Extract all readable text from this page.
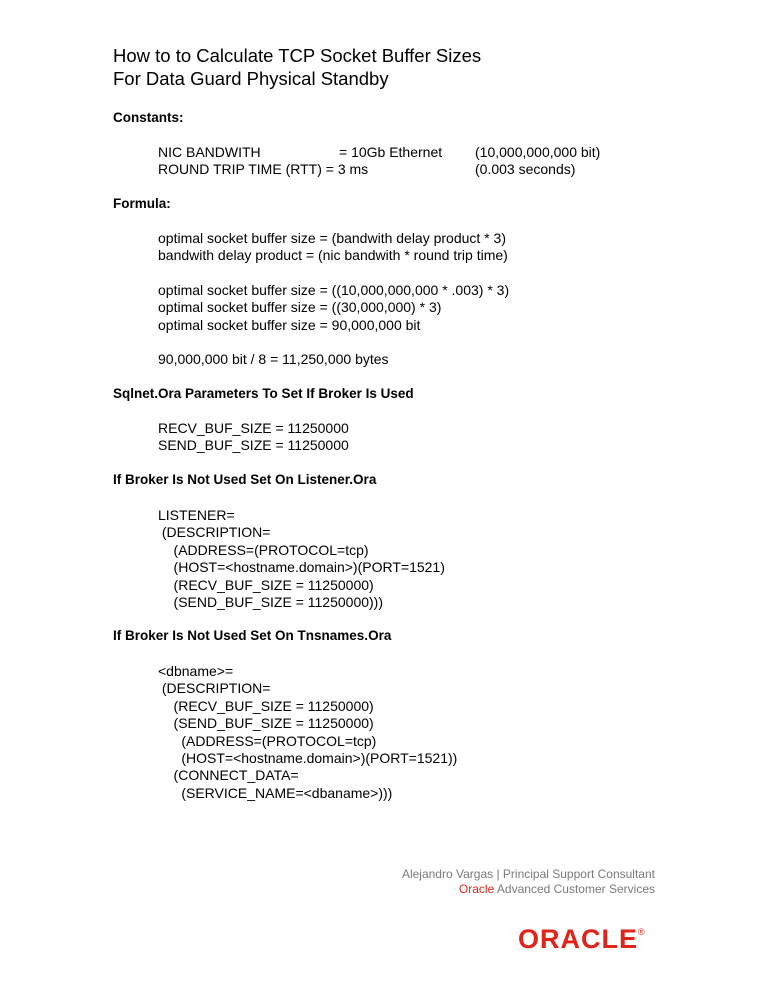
How to to Calculate TCP Socket Buffer Sizes
For Data Guard Physical Standby
Constants:
NIC BANDWITH	= 10Gb Ethernet (10,000,000,000 bit)
ROUND TRIP TIME (RTT) = 3 ms	(0.003 seconds)
Formula:
optimal socket buffer size = (bandwith delay product * 3)
bandwith delay product = (nic bandwith * round trip time)
optimal socket buffer size = ((10,000,000,000 * .003) * 3)
optimal socket buffer size = ((30,000,000) * 3)
optimal socket buffer size = 90,000,000 bit
90,000,000 bit / 8 = 11,250,000 bytes
Sqlnet.Ora Parameters To Set If Broker Is Used
RECV_BUF_SIZE = 11250000
SEND_BUF_SIZE = 11250000
If Broker Is Not Used Set On Listener.Ora
LISTENER=
(DESCRIPTION=
(ADDRESS=(PROTOCOL=tcp)
(HOST=<hostname.domain>)(PORT=1521)
(RECV_BUF_SIZE = 11250000)
(SEND_BUF_SIZE = 11250000)))
If Broker Is Not Used Set On Tnsnames.Ora
<dbname>=
(DESCRIPTION=
(RECV_BUF_SIZE = 11250000)
(SEND_BUF_SIZE = 11250000)
(ADDRESS=(PROTOCOL=tcp)
(HOST=<hostname.domain>)(PORT=1521))
(CONNECT_DATA=
(SERVICE_NAME=<dbaname>)))
Alejandro Vargas | Principal Support Consultant
Oracle Advanced Customer Services
ORACLE®
